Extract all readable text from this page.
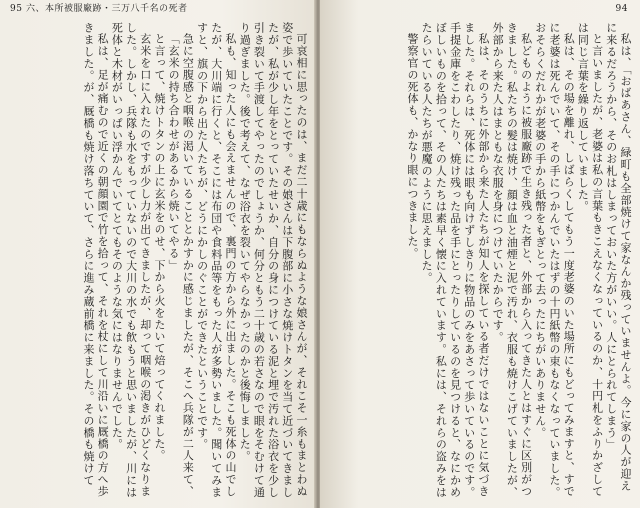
95 六、本所被服廠跡・三万八千名の死者

可哀相に思ったのは、まだ二十歳にもならぬような娘さんが、それこそ一糸もまとわぬ姿で歩いていたことです。その娘さんは下腹部に小さな焼けトタンを当て近づいてきましたが、私が少し年をとっていたせいか、自分の身につけている泥と埋で汚れた浴衣を少し引き裂いて手渡してやったのでしょうか、何分ともう二十歳の若さなので眼をそむけて通り過ぎました。後で考えて、なぜ浴衣を裂いてやらなかったのかと後悔しました。

私も、知った人にも会えませんので、裏門の方から外に出ました。そこも死体の山でしたが、大川端に行くと、そこには布団や食料品等をもった人が多勢いました。聞いてみますと、旗の下から出た人たちが、どうにかしのぐことができたということです。

急に空腹感と咽喉の渇いていることとかすかに感じましたが、そこへ兵隊が二人来て、

「玄米の持ち合わせがあるから焼いてやる」

と言って、焼けトタンの上に玄米をのせ、下から火をたいて焙ってくれました。

玄米を口に入れたのですが少し力が出てきましたが、却って咽喉の渇きがひどくなりました。しかし、兵隊も水をもっていないので大川の水でも飲もうと思いましたが、川には死体と木材がいっぱい浮かんでいてとてもそのような気にはなりませんでした。

私は、足が痛むので近くの朝顔園で竹を拾って、それを杖にして川沿いに厩橋の方へ歩きました。が、厩橋も焼け落ちていて、さらに進み蔵前橋に来ました。その橋も焼けて

94

私は、「おばあさん、緑町も全部焼けて家なんか残っていませんよ。今に家の人が迎えに来るだろうから、そのお札はしまっておいた方がいい。人にとられてしまう」

と言いましたが、老婆は私の言葉もきこえなくなっているのか、十円札をふりかざしては同じ言葉を繰り返していました。

私は、その場を離れ、しばらくしてもう一度老婆のいた場所にもどってみますと、すでに老婆は死んでいて、その手につかんでいたはずの十円紙幣の束もなくなっていました。おそらくだれかが老婆の手から紙幣をもぎとって去ったにちがいありません。

私どものように被服廠跡で生き残った者と、外部から入ってきた人とはすぐに区別がつきました。私たちの髪は焼け、顔は血と油煙と泥で汚れ、衣服も焼けこげていましたが、外部から来た人はまともな衣服を身につけていたからです。

私は、そのうちに外部から来た人たちが知人を探している者だけではないことに気づきました。それらは、死体には眼も向けずしきりに物品のみをあさって歩いているのです。手提金庫をこわしたり、焼け残った品を手にとったりしているのを見つけると、なにかめぼしいものを拾って、その人たちは素早く懐に入れています。私には、それらの盗みをはたらいている人たちが悪魔のように思えました。

警察官の死体も、かなり眼につきました。
